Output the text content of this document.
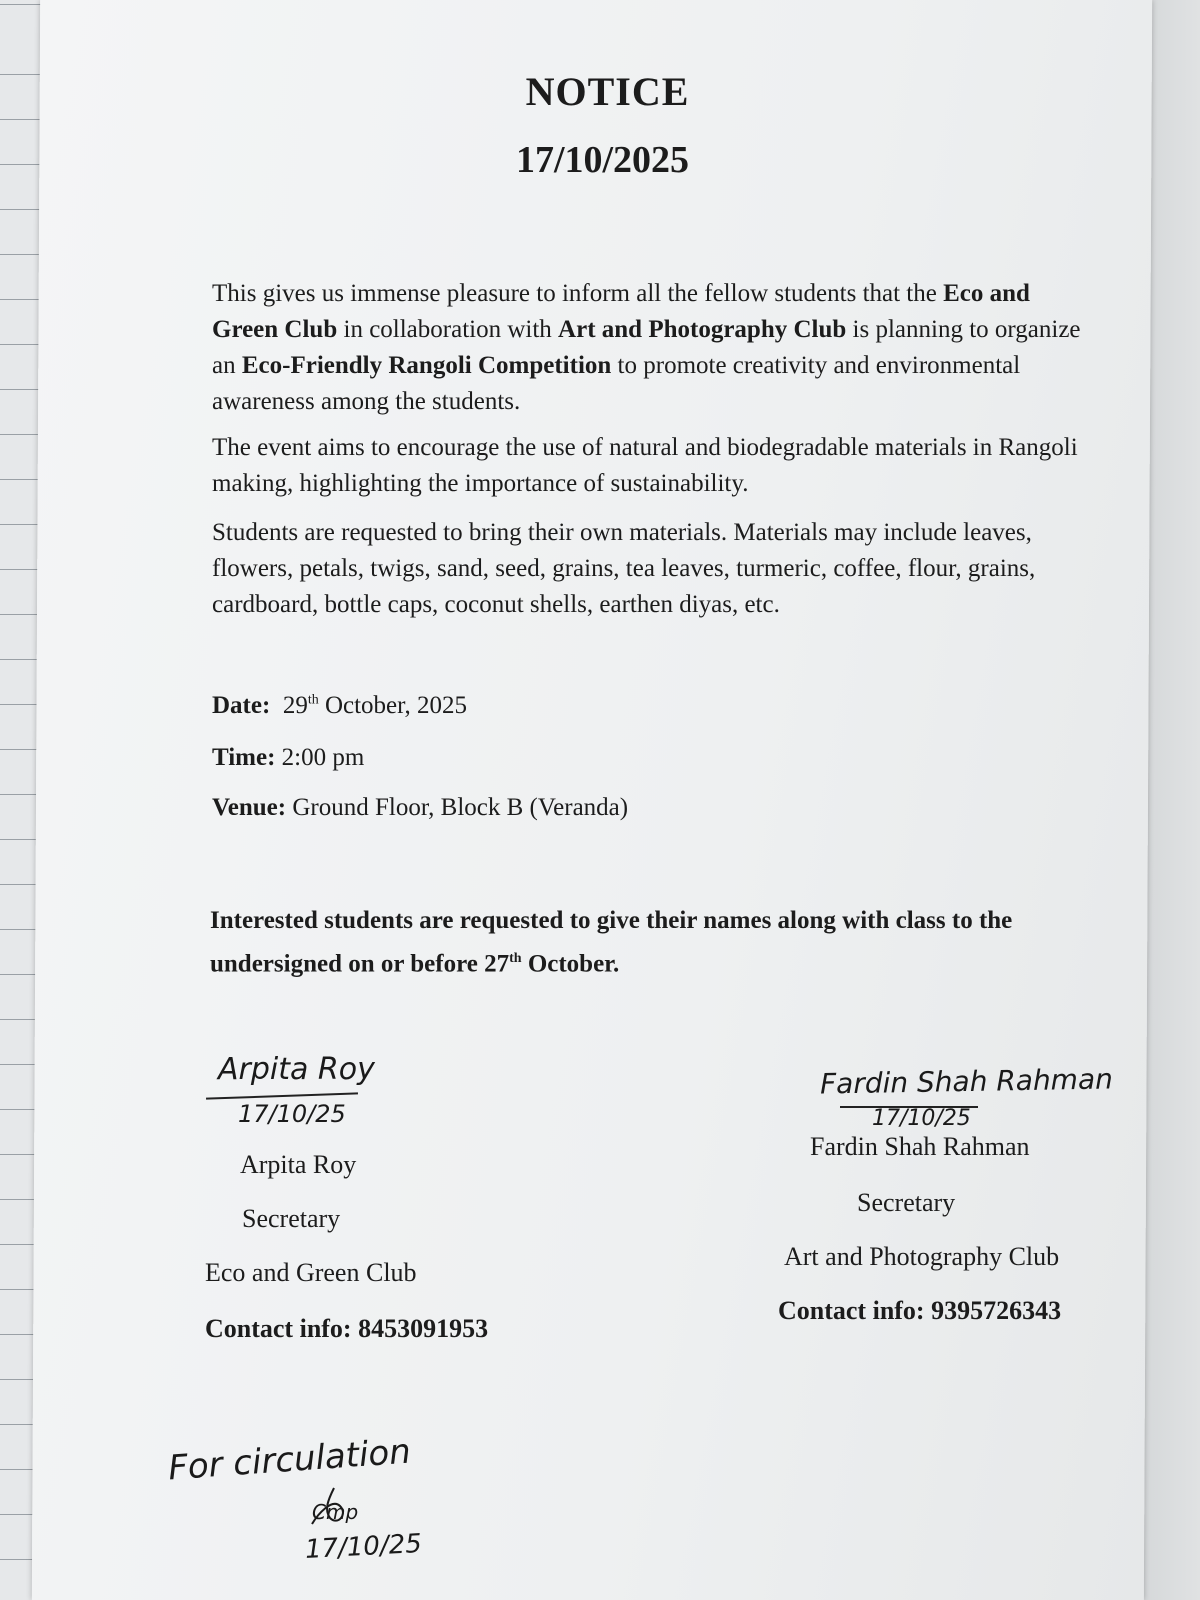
NOTICE
17/10/2025
This gives us immense pleasure to inform all the fellow students that the Eco and Green Club in collaboration with Art and Photography Club is planning to organize an Eco-Friendly Rangoli Competition to promote creativity and environmental awareness among the students.
The event aims to encourage the use of natural and biodegradable materials in Rangoli making, highlighting the importance of sustainability.
Students are requested to bring their own materials. Materials may include leaves, flowers, petals, twigs, sand, seed, grains, tea leaves, turmeric, coffee, flour, grains, cardboard, bottle caps, coconut shells, earthen diyas, etc.
Date: 29th October, 2025
Time: 2:00 pm
Venue: Ground Floor, Block B (Veranda)
Interested students are requested to give their names along with class to the undersigned on or before 27th October.
Arpita Roy
17/10/25
Arpita Roy
Secretary
Eco and Green Club
Contact info: 8453091953
Fardin Shah Rahman
17/10/25
Fardin Shah Rahman
Secretary
Art and Photography Club
Contact info: 9395726343
For circulation
Cmp
17/10/25
